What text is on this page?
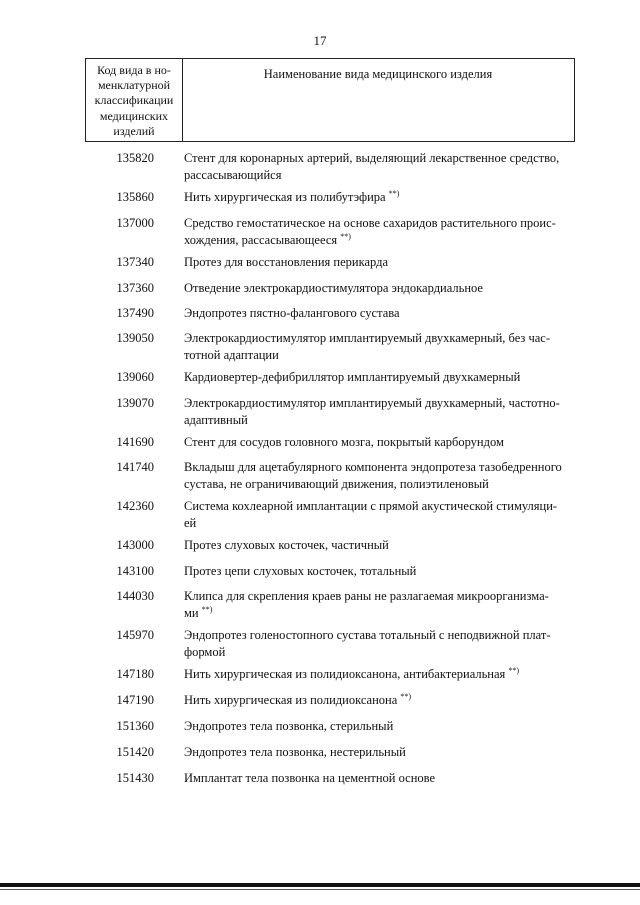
17
Код вида в но-
менклатурной
классификации
медицинских
изделий
Наименование вида медицинского изделия
135820 Стент для коронарных артерий, выделяющий лекарственное средство,
рассасывающийся
135860 Нить хирургическая из полибутэфира **)
137000 Средство гемостатическое на основе сахаридов растительного проис-
хождения, рассасывающееся **)
137340 Протез для восстановления перикарда
137360 Отведение электрокардиостимулятора эндокардиальное
137490 Эндопротез пястно-фалангового сустава
139050 Электрокардиостимулятор имплантируемый двухкамерный, без час-
тотной адаптации
139060 Кардиовертер-дефибриллятор имплантируемый двухкамерный
139070 Электрокардиостимулятор имплантируемый двухкамерный, частотно-
адаптивный
141690 Стент для сосудов головного мозга, покрытый карборундом
141740 Вкладыш для ацетабулярного компонента эндопротеза тазобедренного
сустава, не ограничивающий движения, полиэтиленовый
142360 Система кохлеарной имплантации с прямой акустической стимуляци-
ей
143000 Протез слуховых косточек, частичный
143100 Протез цепи слуховых косточек, тотальный
144030 Клипса для скрепления краев раны не разлагаемая микроорганизма-
ми **)
145970 Эндопротез голеностопного сустава тотальный с неподвижной плат-
формой
147180 Нить хирургическая из полидиоксанона, антибактериальная **)
147190 Нить хирургическая из полидиоксанона **)
151360 Эндопротез тела позвонка, стерильный
151420 Эндопротез тела позвонка, нестерильный
151430 Имплантат тела позвонка на цементной основе
